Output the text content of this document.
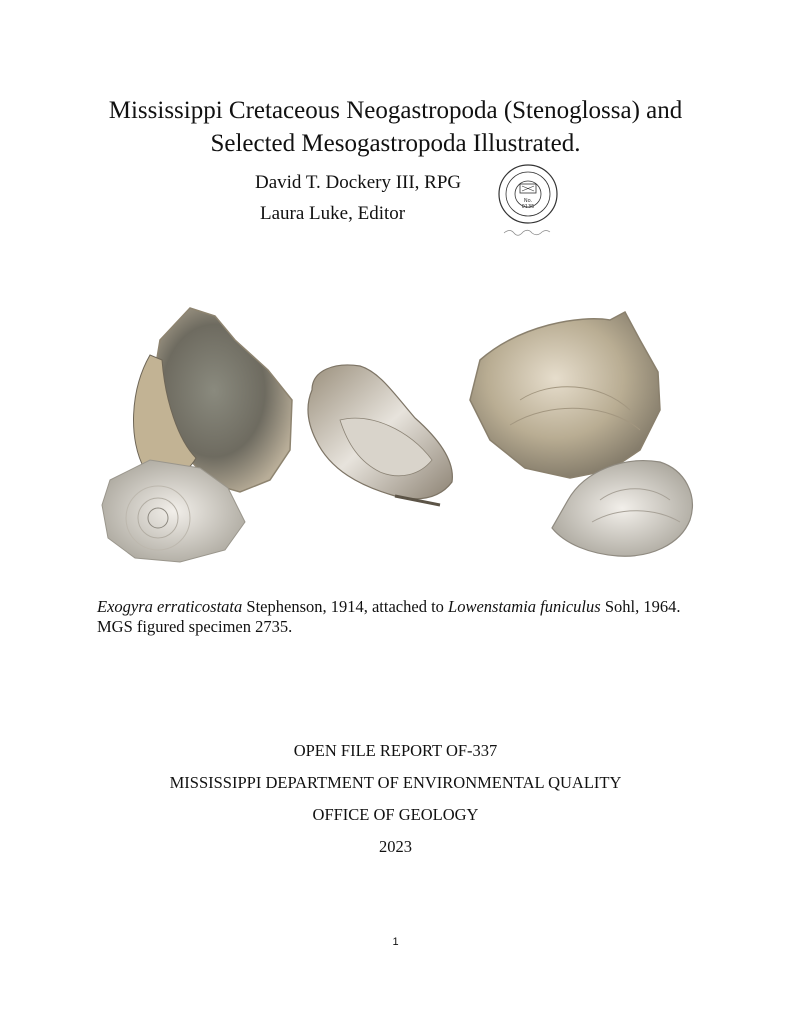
Mississippi Cretaceous Neogastropoda (Stenoglossa) and
Selected Mesogastropoda Illustrated.
David T. Dockery III, RPG
Laura Luke, Editor
No.
0135
Exogyra erraticostata Stephenson, 1914, attached to Lowenstamia funiculus Sohl, 1964. MGS figured specimen 2735.
OPEN FILE REPORT OF-337
MISSISSIPPI DEPARTMENT OF ENVIRONMENTAL QUALITY
OFFICE OF GEOLOGY
2023
1
